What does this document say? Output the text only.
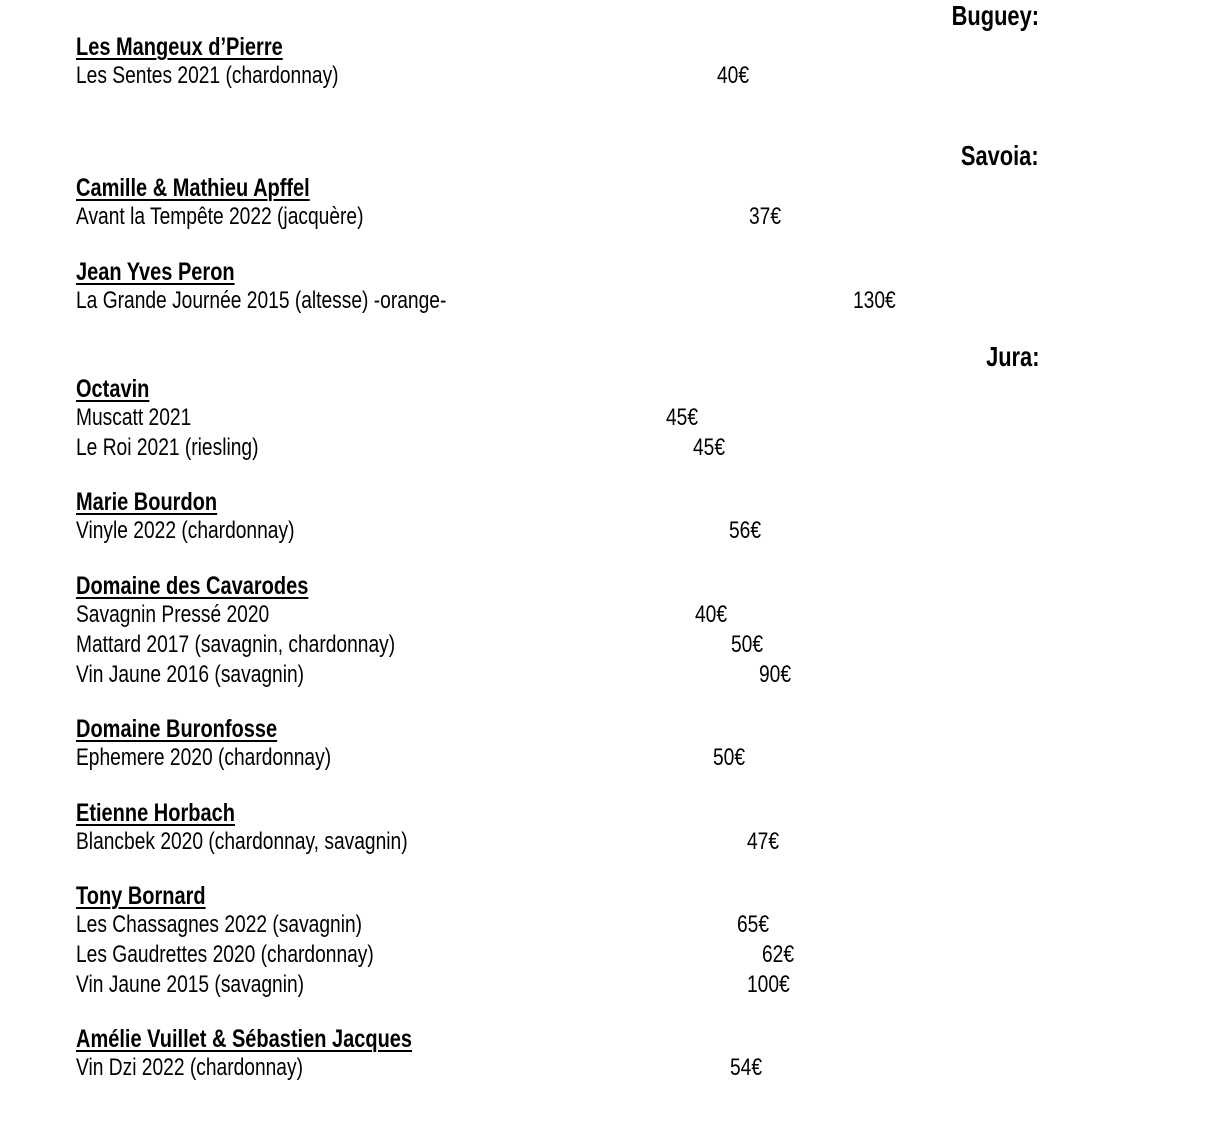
Buguey:
Les Mangeux d’Pierre
Les Sentes 2021 (chardonnay)	40€
Savoia:
Camille & Mathieu Apffel
Avant la Tempête 2022 (jacquère)	37€
Jean Yves Peron
La Grande Journée 2015 (altesse) -orange-	130€
Jura:
Octavin
Muscatt 2021	45€
Le Roi 2021 (riesling)	45€
Marie Bourdon
Vinyle 2022 (chardonnay)	56€
Domaine des Cavarodes
Savagnin Pressé 2020	40€
Mattard 2017 (savagnin, chardonnay)	50€
Vin Jaune 2016 (savagnin)	90€
Domaine Buronfosse
Ephemere 2020 (chardonnay)	50€
Etienne Horbach
Blancbek 2020 (chardonnay, savagnin)	47€
Tony Bornard
Les Chassagnes 2022 (savagnin)	65€
Les Gaudrettes 2020 (chardonnay)	62€
Vin Jaune 2015 (savagnin)	100€
Amélie Vuillet & Sébastien Jacques
Vin Dzi 2022 (chardonnay)	54€
